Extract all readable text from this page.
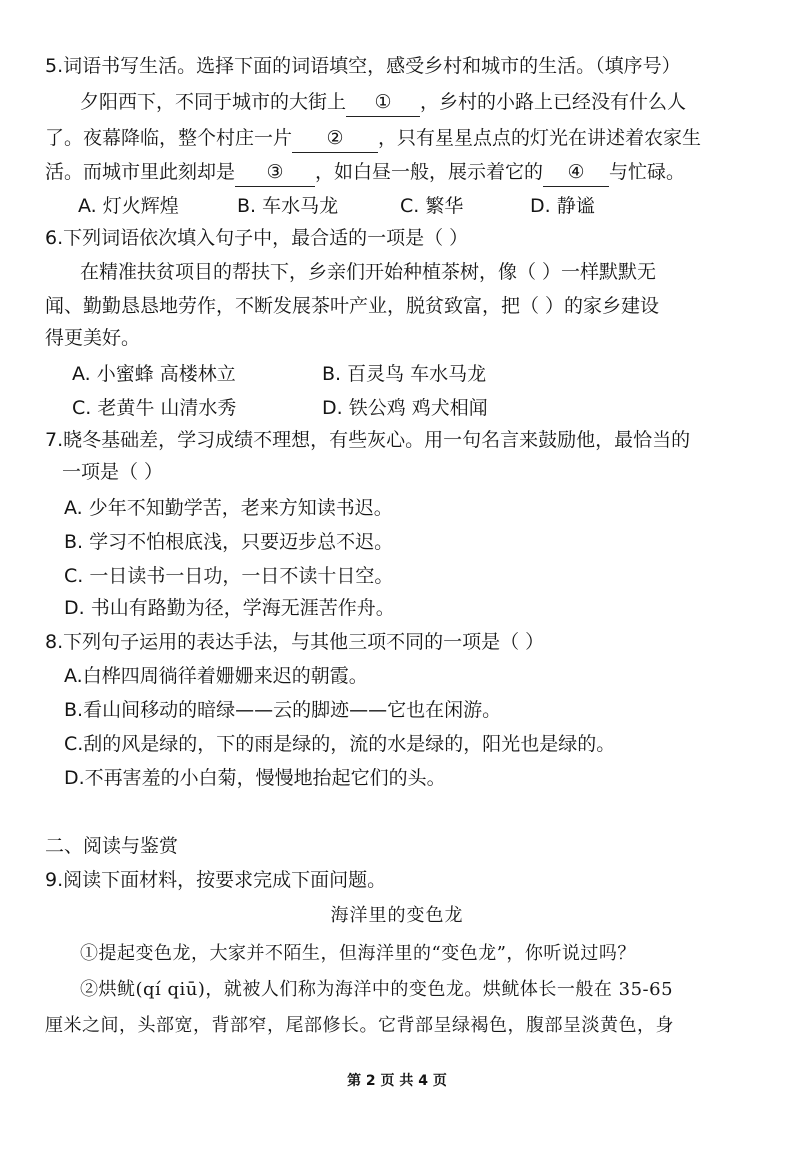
5.词语书写生活。选择下面的词语填空，感受乡村和城市的生活。（填序号）
夕阳西下，不同于城市的大街上 ① ，乡村的小路上已经没有什么人
了。夜幕降临，整个村庄一片 ② ，只有星星点点的灯光在讲述着农家生
活。而城市里此刻却是 ③ ，如白昼一般，展示着它的 ④ 与忙碌。
A. 灯火辉煌	B. 车水马龙	C. 繁华	D. 静谧
6.下列词语依次填入句子中，最合适的一项是（ ）
在精准扶贫项目的帮扶下，乡亲们开始种植茶树，像（ ）一样默默无
闻、勤勤恳恳地劳作，不断发展茶叶产业，脱贫致富，把（ ）的家乡建设
得更美好。
A. 小蜜蜂 高楼林立	B. 百灵鸟 车水马龙
C. 老黄牛 山清水秀	D. 铁公鸡 鸡犬相闻
7.晓冬基础差，学习成绩不理想，有些灰心。用一句名言来鼓励他，最恰当的
一项是（ ）
A. 少年不知勤学苦，老来方知读书迟。
B. 学习不怕根底浅，只要迈步总不迟。
C. 一日读书一日功，一日不读十日空。
D. 书山有路勤为径，学海无涯苦作舟。
8.下列句子运用的表达手法，与其他三项不同的一项是（ ）
A.白桦四周徜徉着姗姗来迟的朝霞。
B.看山间移动的暗绿——云的脚迹——它也在闲游。
C.刮的风是绿的，下的雨是绿的，流的水是绿的，阳光也是绿的。
D.不再害羞的小白菊，慢慢地抬起它们的头。
二、阅读与鉴赏
9.阅读下面材料，按要求完成下面问题。
海洋里的变色龙
①提起变色龙，大家并不陌生，但海洋里的“变色龙”，你听说过吗？
②烘鱿(qí qiū)，就被人们称为海洋中的变色龙。烘鱿体长一般在 35-65
厘米之间，头部宽，背部窄，尾部修长。它背部呈绿褐色，腹部呈淡黄色，身
第 2 页 共 4 页
